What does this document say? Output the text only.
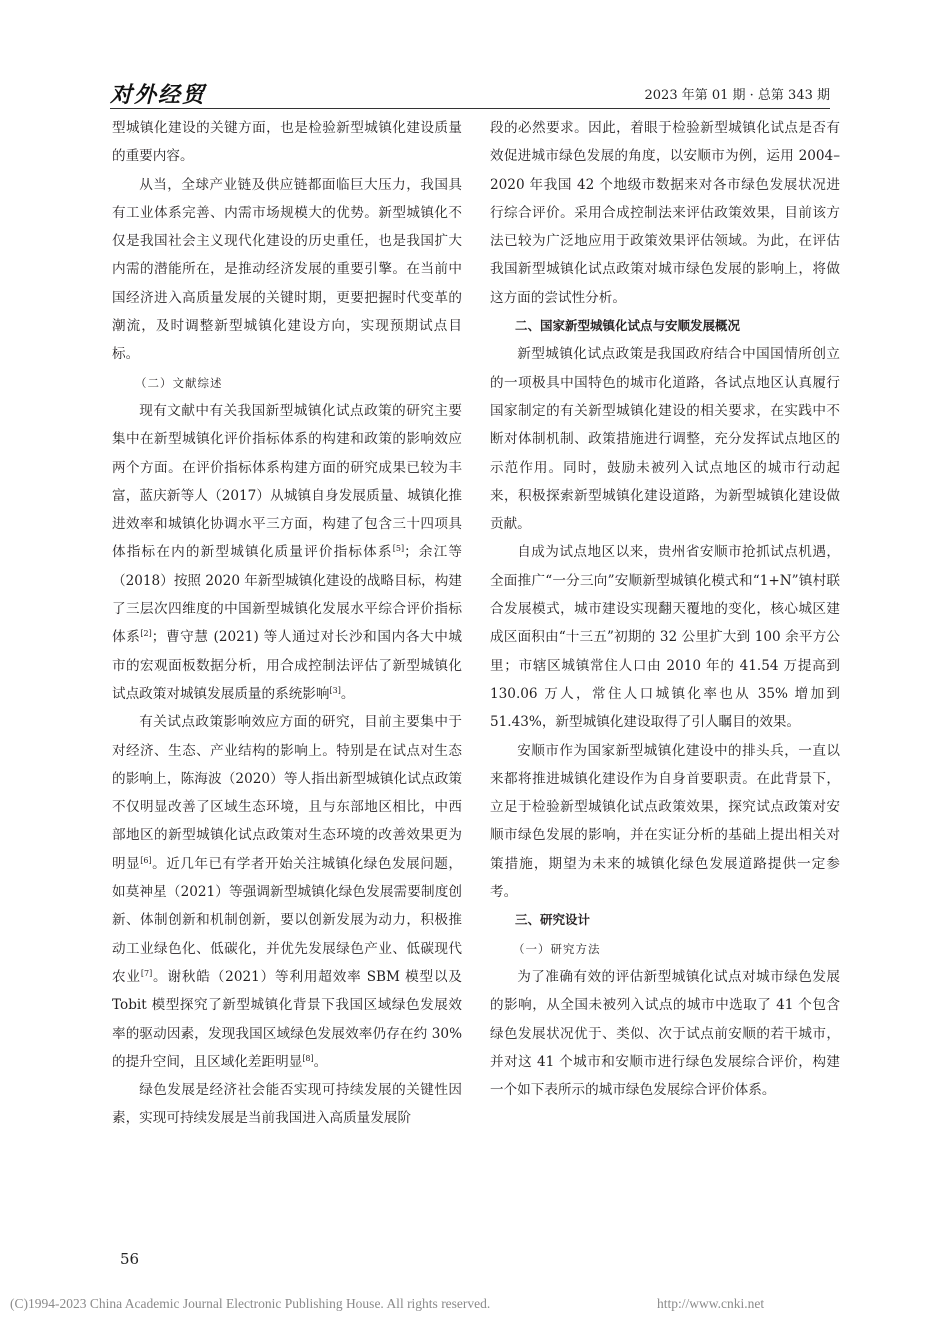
对外经贸	2023 年第 01 期 · 总第 343 期

型城镇化建设的关键方面，也是检验新型城镇化建设质量的重要内容。

从当，全球产业链及供应链都面临巨大压力，我国具有工业体系完善、内需市场规模大的优势。新型城镇化不仅是我国社会主义现代化建设的历史重任，也是我国扩大内需的潜能所在，是推动经济发展的重要引擎。在当前中国经济进入高质量发展的关键时期，更要把握时代变革的潮流，及时调整新型城镇化建设方向，实现预期试点目标。

（二）文献综述

现有文献中有关我国新型城镇化试点政策的研究主要集中在新型城镇化评价指标体系的构建和政策的影响效应两个方面。在评价指标体系构建方面的研究成果已较为丰富，蓝庆新等人（2017）从城镇自身发展质量、城镇化推进效率和城镇化协调水平三方面，构建了包含三十四项具体指标在内的新型城镇化质量评价指标体系[5]；余江等（2018）按照 2020 年新型城镇化建设的战略目标，构建了三层次四维度的中国新型城镇化发展水平综合评价指标体系[2]；曹守慧 (2021) 等人通过对长沙和国内各大中城市的宏观面板数据分析，用合成控制法评估了新型城镇化试点政策对城镇发展质量的系统影响[3]。

有关试点政策影响效应方面的研究，目前主要集中于对经济、生态、产业结构的影响上。特别是在试点对生态的影响上，陈海波（2020）等人指出新型城镇化试点政策不仅明显改善了区域生态环境，且与东部地区相比，中西部地区的新型城镇化试点政策对生态环境的改善效果更为明显[6]。近几年已有学者开始关注城镇化绿色发展问题，如莫神星（2021）等强调新型城镇化绿色发展需要制度创新、体制创新和机制创新，要以创新发展为动力，积极推动工业绿色化、低碳化，并优先发展绿色产业、低碳现代农业[7]。谢秋皓（2021）等利用超效率 SBM 模型以及 Tobit 模型探究了新型城镇化背景下我国区域绿色发展效率的驱动因素，发现我国区域绿色发展效率仍存在约 30% 的提升空间，且区域化差距明显[8]。

绿色发展是经济社会能否实现可持续发展的关键性因素，实现可持续发展是当前我国进入高质量发展阶

段的必然要求。因此，着眼于检验新型城镇化试点是否有效促进城市绿色发展的角度，以安顺市为例，运用 2004–2020 年我国 42 个地级市数据来对各市绿色发展状况进行综合评价。采用合成控制法来评估政策效果，目前该方法已较为广泛地应用于政策效果评估领域。为此，在评估我国新型城镇化试点政策对城市绿色发展的影响上，将做这方面的尝试性分析。

二、国家新型城镇化试点与安顺发展概况

新型城镇化试点政策是我国政府结合中国国情所创立的一项极具中国特色的城市化道路，各试点地区认真履行国家制定的有关新型城镇化建设的相关要求，在实践中不断对体制机制、政策措施进行调整，充分发挥试点地区的示范作用。同时，鼓励未被列入试点地区的城市行动起来，积极探索新型城镇化建设道路，为新型城镇化建设做贡献。

自成为试点地区以来，贵州省安顺市抢抓试点机遇，全面推广“一分三向”安顺新型城镇化模式和“1+N”镇村联合发展模式，城市建设实现翻天覆地的变化，核心城区建成区面积由“十三五”初期的 32 公里扩大到 100 余平方公里；市辖区城镇常住人口由 2010 年的 41.54 万提高到 130.06 万人，常住人口城镇化率也从 35% 增加到 51.43%，新型城镇化建设取得了引人瞩目的效果。

安顺市作为国家新型城镇化建设中的排头兵，一直以来都将推进城镇化建设作为自身首要职责。在此背景下，立足于检验新型城镇化试点政策效果，探究试点政策对安顺市绿色发展的影响，并在实证分析的基础上提出相关对策措施，期望为未来的城镇化绿色发展道路提供一定参考。

三、研究设计

（一）研究方法

为了准确有效的评估新型城镇化试点对城市绿色发展的影响，从全国未被列入试点的城市中选取了 41 个包含绿色发展状况优于、类似、次于试点前安顺的若干城市，并对这 41 个城市和安顺市进行绿色发展综合评价，构建一个如下表所示的城市绿色发展综合评价体系。

56
(C)1994-2023 China Academic Journal Electronic Publishing House. All rights reserved.	http://www.cnki.net
